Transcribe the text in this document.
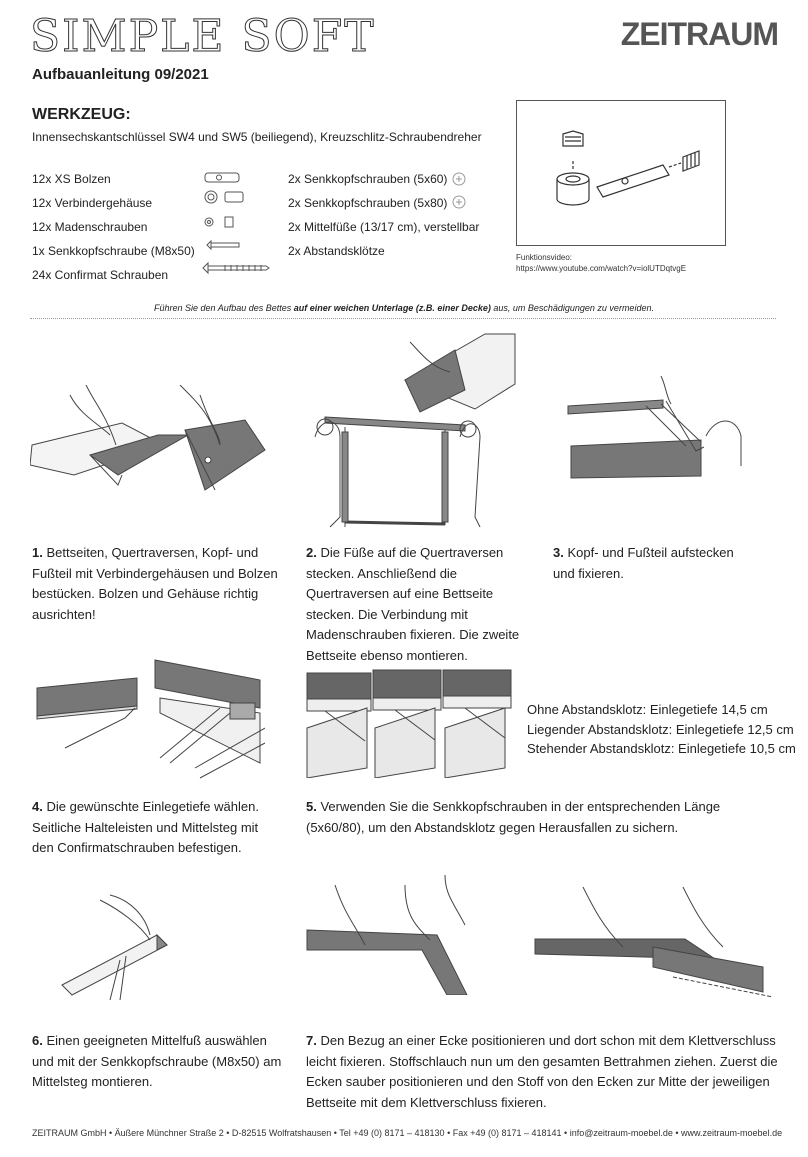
SIMPLE SOFT	ZEITRAUM
Aufbauanleitung 09/2021
WERKZEUG:
Innensechskantschlüssel SW4 und SW5 (beiliegend), Kreuzschlitz-Schraubendreher
12x XS Bolzen
12x Verbindergehäuse
12x Madenschrauben
1x Senkkopfschraube (M8x50)
24x Confirmat Schrauben
2x Senkkopfschrauben (5x60)
2x Senkkopfschrauben (5x80)
2x Mittelfüße (13/17 cm), verstellbar
2x Abstandsklötze	Funktionsvideo:
https://www.youtube.com/watch?v=iolUTDqtvgE
Führen Sie den Aufbau des Bettes auf einer weichen Unterlage (z.B. einer Decke) aus, um Beschädigungen zu vermeiden.
1. Bettseiten, Quertraversen, Kopf- und Fußteil mit Verbindergehäusen und Bolzen bestücken. Bolzen und Gehäuse richtig ausrichten!
2. Die Füße auf die Quertraversen stecken. Anschließend die Quertraversen auf eine Bettseite stecken. Die Verbindung mit Madenschrauben fixieren. Die zweite Bettseite ebenso montieren.
3. Kopf- und Fußteil aufstecken und fixieren.
Ohne Abstandsklotz: Einlegetiefe 14,5 cm
Liegender Abstandsklotz: Einlegetiefe 12,5 cm
Stehender Abstandsklotz: Einlegetiefe 10,5 cm
4. Die gewünschte Einlegetiefe wählen. Seitliche Halteleisten und Mittelsteg mit den Confirmatschrauben befestigen.
5. Verwenden Sie die Senkkopfschrauben in der entsprechenden Länge (5x60/80), um den Abstandsklotz gegen Herausfallen zu sichern.
6. Einen geeigneten Mittelfuß auswählen und mit der Senkkopfschraube (M8x50) am Mittelsteg montieren.
7. Den Bezug an einer Ecke positionieren und dort schon mit dem Klettverschluss leicht fixieren. Stoffschlauch nun um den gesamten Bettrahmen ziehen. Zuerst die Ecken sauber positionieren und den Stoff von den Ecken zur Mitte der jeweiligen Bettseite mit dem Klettverschluss fixieren.
ZEITRAUM GmbH • Äußere Münchner Straße 2 • D-82515 Wolfratshausen • Tel +49 (0) 8171 – 418130 • Fax +49 (0) 8171 – 418141 • info@zeitraum-moebel.de • www.zeitraum-moebel.de
